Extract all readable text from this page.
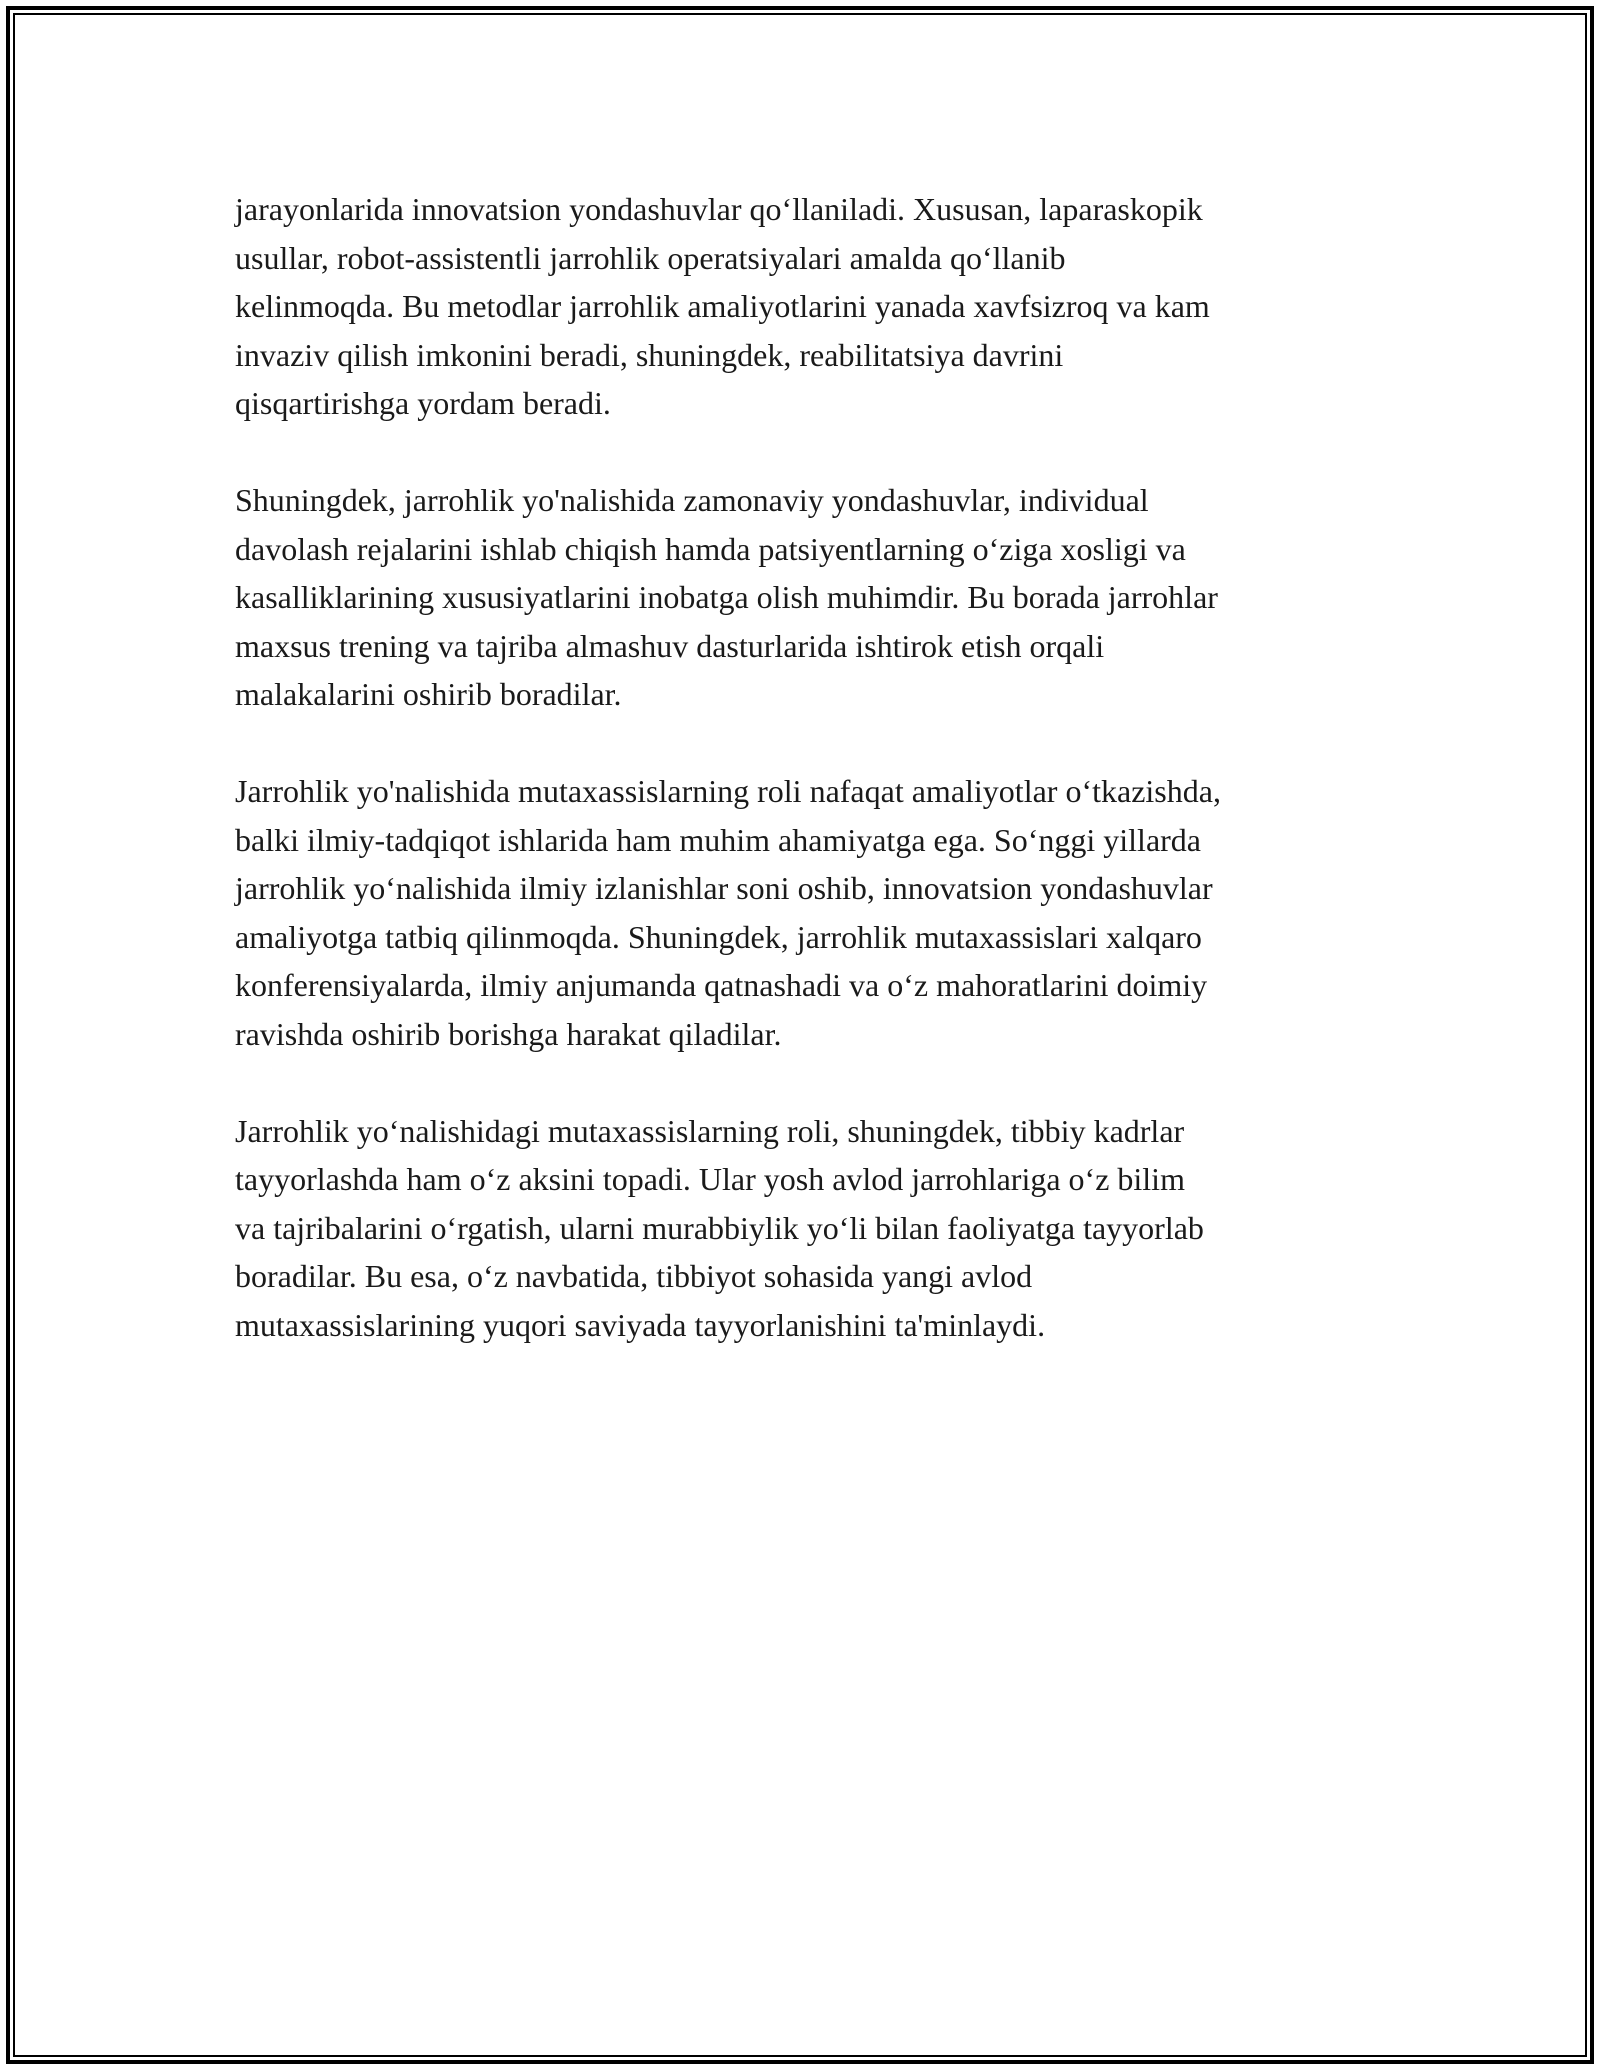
jarayonlarida innovatsion yondashuvlar qo‘llaniladi. Xususan, laparaskopik
usullar, robot-assistentli jarrohlik operatsiyalari amalda qo‘llanib
kelinmoqda. Bu metodlar jarrohlik amaliyotlarini yanada xavfsizroq va kam
invaziv qilish imkonini beradi, shuningdek, reabilitatsiya davrini
qisqartirishga yordam beradi.

Shuningdek, jarrohlik yo'nalishida zamonaviy yondashuvlar, individual
davolash rejalarini ishlab chiqish hamda patsiyentlarning o‘ziga xosligi va
kasalliklarining xususiyatlarini inobatga olish muhimdir. Bu borada jarrohlar
maxsus trening va tajriba almashuv dasturlarida ishtirok etish orqali
malakalarini oshirib boradilar.

Jarrohlik yo'nalishida mutaxassislarning roli nafaqat amaliyotlar o‘tkazishda,
balki ilmiy-tadqiqot ishlarida ham muhim ahamiyatga ega. So‘nggi yillarda
jarrohlik yo‘nalishida ilmiy izlanishlar soni oshib, innovatsion yondashuvlar
amaliyotga tatbiq qilinmoqda. Shuningdek, jarrohlik mutaxassislari xalqaro
konferensiyalarda, ilmiy anjumanda qatnashadi va o‘z mahoratlarini doimiy
ravishda oshirib borishga harakat qiladilar.

Jarrohlik yo‘nalishidagi mutaxassislarning roli, shuningdek, tibbiy kadrlar
tayyorlashda ham o‘z aksini topadi. Ular yosh avlod jarrohlariga o‘z bilim
va tajribalarini o‘rgatish, ularni murabbiylik yo‘li bilan faoliyatga tayyorlab
boradilar. Bu esa, o‘z navbatida, tibbiyot sohasida yangi avlod
mutaxassislarining yuqori saviyada tayyorlanishini ta'minlaydi.
